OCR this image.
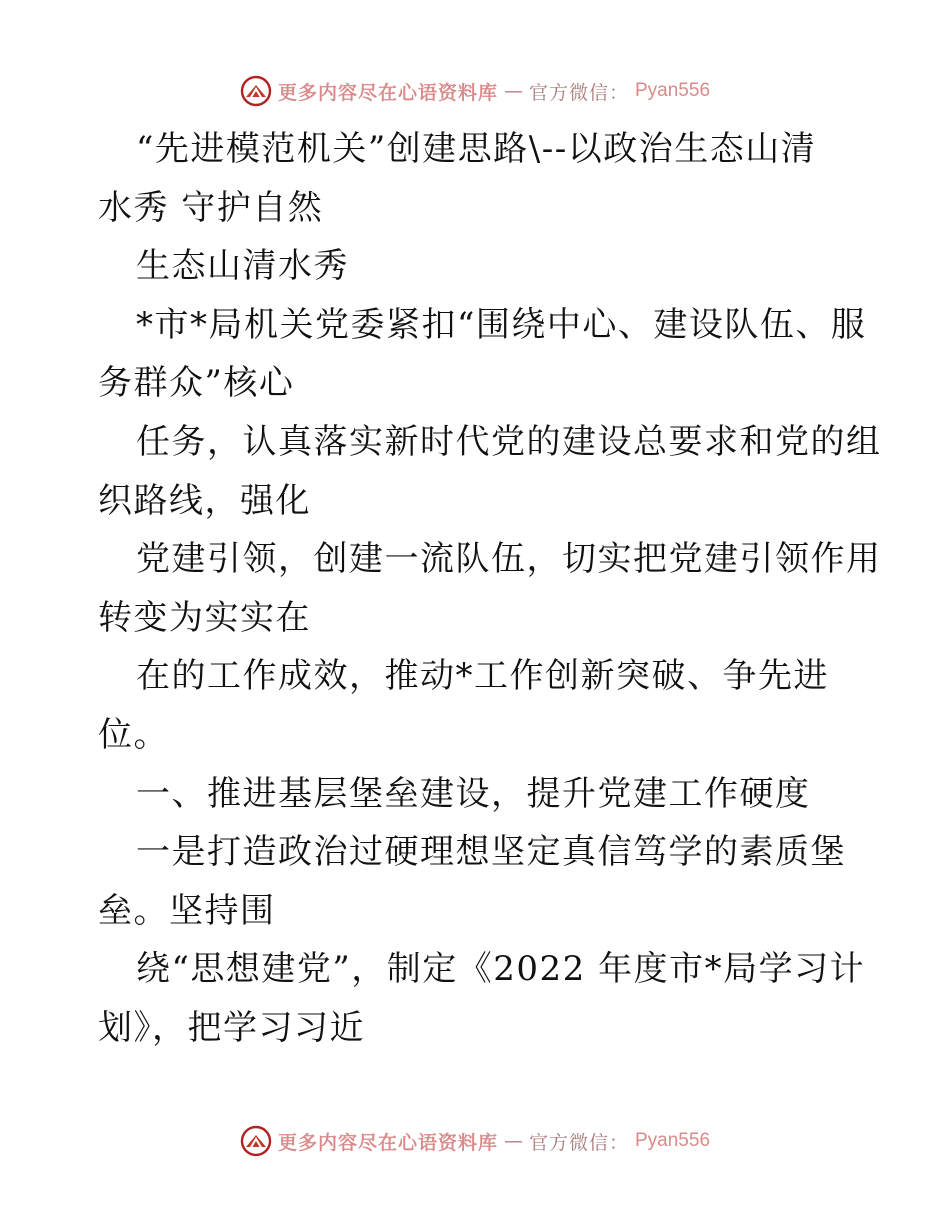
更多内容尽在心语资料库 — 官方微信： Pyan556
“先进模范机关”创建思路\--以政治生态山清
水秀 守护自然
生态山清水秀
*市*局机关党委紧扣“围绕中心、建设队伍、服
务群众”核心
任务，认真落实新时代党的建设总要求和党的组
织路线，强化
党建引领，创建一流队伍，切实把党建引领作用
转变为实实在
在的工作成效，推动*工作创新突破、争先进
位。
一、推进基层堡垒建设，提升党建工作硬度
一是打造政治过硬理想坚定真信笃学的素质堡
垒。坚持围
绕“思想建党”，制定《2022 年度市*局学习计
划》，把学习习近
更多内容尽在心语资料库 — 官方微信： Pyan556
